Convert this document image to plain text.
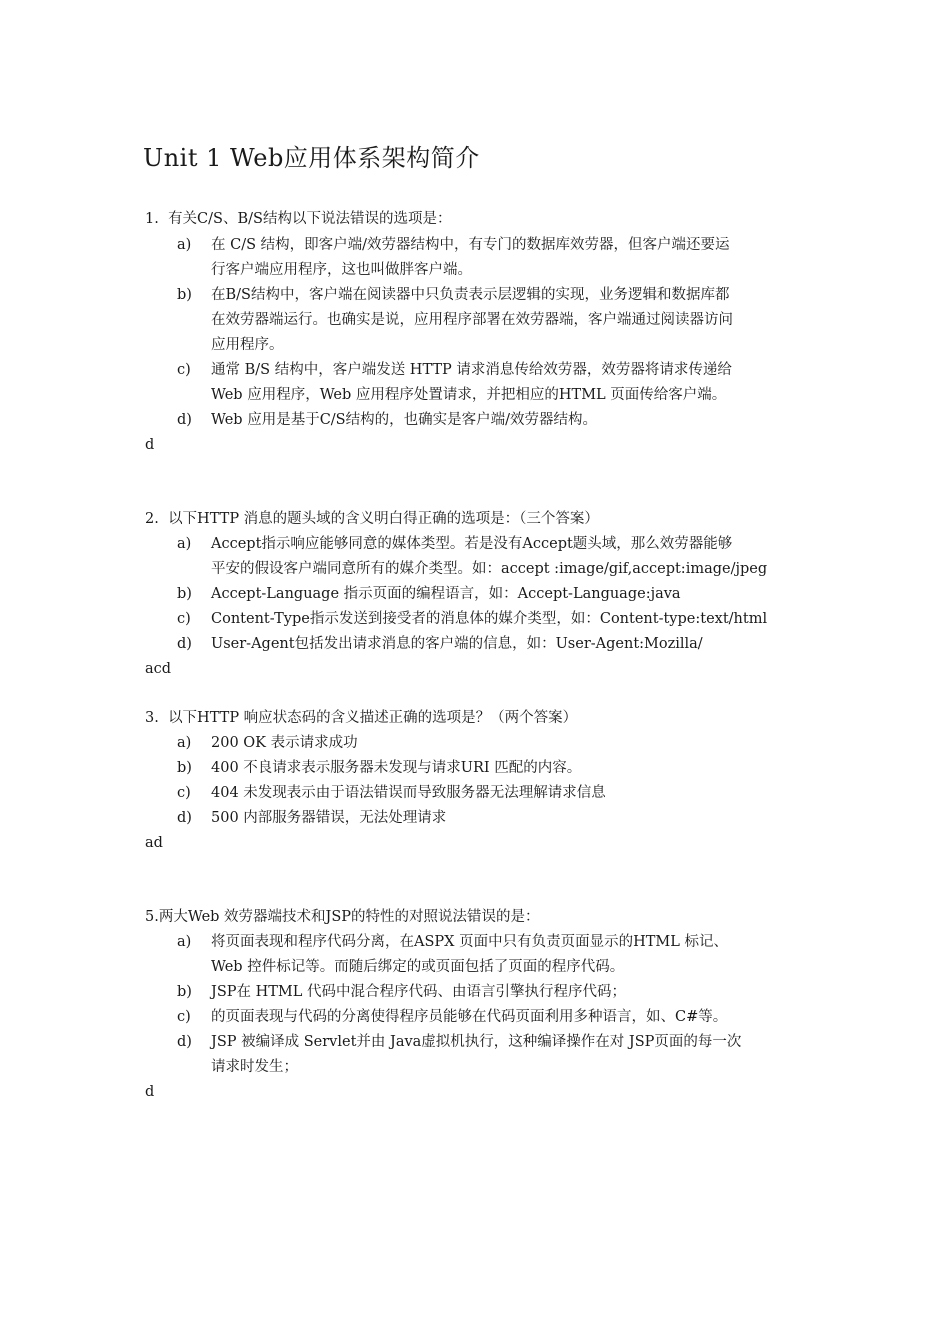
Unit 1 Web应用体系架构简介
1. 有关C/S、B/S结构以下说法错误的选项是：
a) 在 C/S 结构，即客户端/效劳器结构中，有专门的数据库效劳器，但客户端还要运
行客户端应用程序，这也叫做胖客户端。
b) 在B/S结构中，客户端在阅读器中只负责表示层逻辑的实现，业务逻辑和数据库都
在效劳器端运行。也确实是说，应用程序部署在效劳器端，客户端通过阅读器访问
应用程序。
c) 通常 B/S 结构中，客户端发送 HTTP 请求消息传给效劳器，效劳器将请求传递给
Web 应用程序，Web 应用程序处置请求，并把相应的HTML 页面传给客户端。
d) Web 应用是基于C/S结构的，也确实是客户端/效劳器结构。
d
2. 以下HTTP 消息的题头域的含义明白得正确的选项是：（三个答案）
a) Accept指示响应能够同意的媒体类型。若是没有Accept题头域，那么效劳器能够
平安的假设客户端同意所有的媒介类型。如：accept :image/gif,accept:image/jpeg
b) Accept-Language 指示页面的编程语言，如：Accept-Language:java
c) Content-Type指示发送到接受者的消息体的媒介类型，如：Content-type:text/html
d) User-Agent包括发出请求消息的客户端的信息，如：User-Agent:Mozilla/
acd
3. 以下HTTP 响应状态码的含义描述正确的选项是？（两个答案）
a) 200 OK 表示请求成功
b) 400 不良请求表示服务器未发现与请求URI 匹配的内容。
c) 404 未发现表示由于语法错误而导致服务器无法理解请求信息
d) 500 内部服务器错误，无法处理请求
ad
5.两大Web 效劳器端技术和JSP的特性的对照说法错误的是：
a) 将页面表现和程序代码分离，在ASPX 页面中只有负责页面显示的HTML 标记、
Web 控件标记等。而随后绑定的或页面包括了页面的程序代码。
b) JSP在 HTML 代码中混合程序代码、由语言引擎执行程序代码；
c) 的页面表现与代码的分离使得程序员能够在代码页面利用多种语言，如、C#等。
d) JSP 被编译成 Servlet并由 Java虚拟机执行，这种编译操作在对 JSP页面的每一次
请求时发生；
d
